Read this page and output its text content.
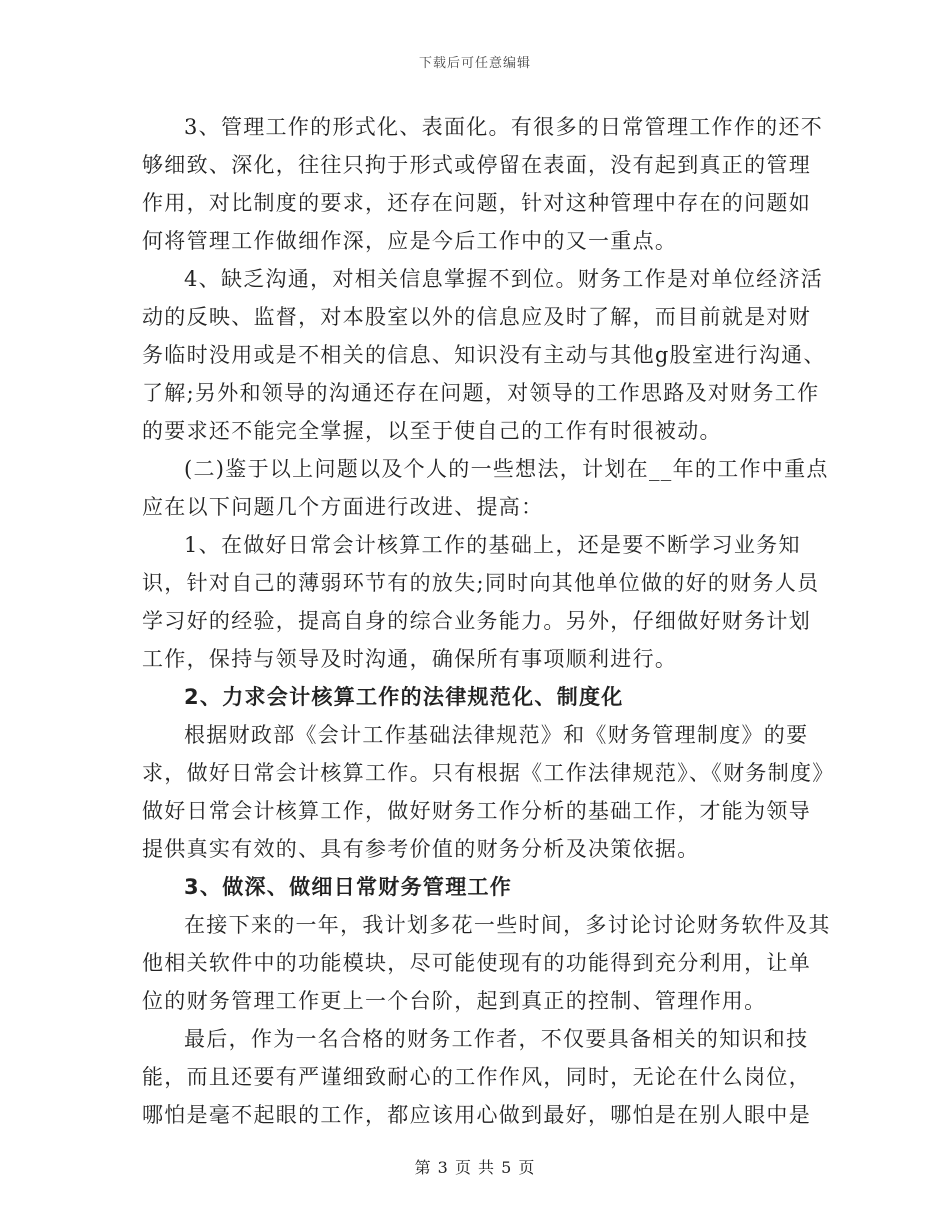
下载后可任意编辑

3、管理工作的形式化、表面化。有很多的日常管理工作作的还不够细致、深化，往往只拘于形式或停留在表面，没有起到真正的管理作用，对比制度的要求，还存在问题，针对这种管理中存在的问题如何将管理工作做细作深，应是今后工作中的又一重点。

4、缺乏沟通，对相关信息掌握不到位。财务工作是对单位经济活动的反映、监督，对本股室以外的信息应及时了解，而目前就是对财务临时没用或是不相关的信息、知识没有主动与其他g股室进行沟通、了解;另外和领导的沟通还存在问题，对领导的工作思路及对财务工作的要求还不能完全掌握，以至于使自己的工作有时很被动。

(二)鉴于以上问题以及个人的一些想法，计划在__年的工作中重点应在以下问题几个方面进行改进、提高：

1、在做好日常会计核算工作的基础上，还是要不断学习业务知识，针对自己的薄弱环节有的放失;同时向其他单位做的好的财务人员学习好的经验，提高自身的综合业务能力。另外，仔细做好财务计划工作，保持与领导及时沟通，确保所有事项顺利进行。

2、力求会计核算工作的法律规范化、制度化

根据财政部《会计工作基础法律规范》和《财务管理制度》的要求，做好日常会计核算工作。只有根据《工作法律规范》、《财务制度》做好日常会计核算工作，做好财务工作分析的基础工作，才能为领导提供真实有效的、具有参考价值的财务分析及决策依据。

3、做深、做细日常财务管理工作

在接下来的一年，我计划多花一些时间，多讨论讨论财务软件及其他相关软件中的功能模块，尽可能使现有的功能得到充分利用，让单位的财务管理工作更上一个台阶，起到真正的控制、管理作用。

最后，作为一名合格的财务工作者，不仅要具备相关的知识和技能，而且还要有严谨细致耐心的工作作风，同时，无论在什么岗位，哪怕是毫不起眼的工作，都应该用心做到最好，哪怕是在别人眼中是

第 3 页 共 5 页
